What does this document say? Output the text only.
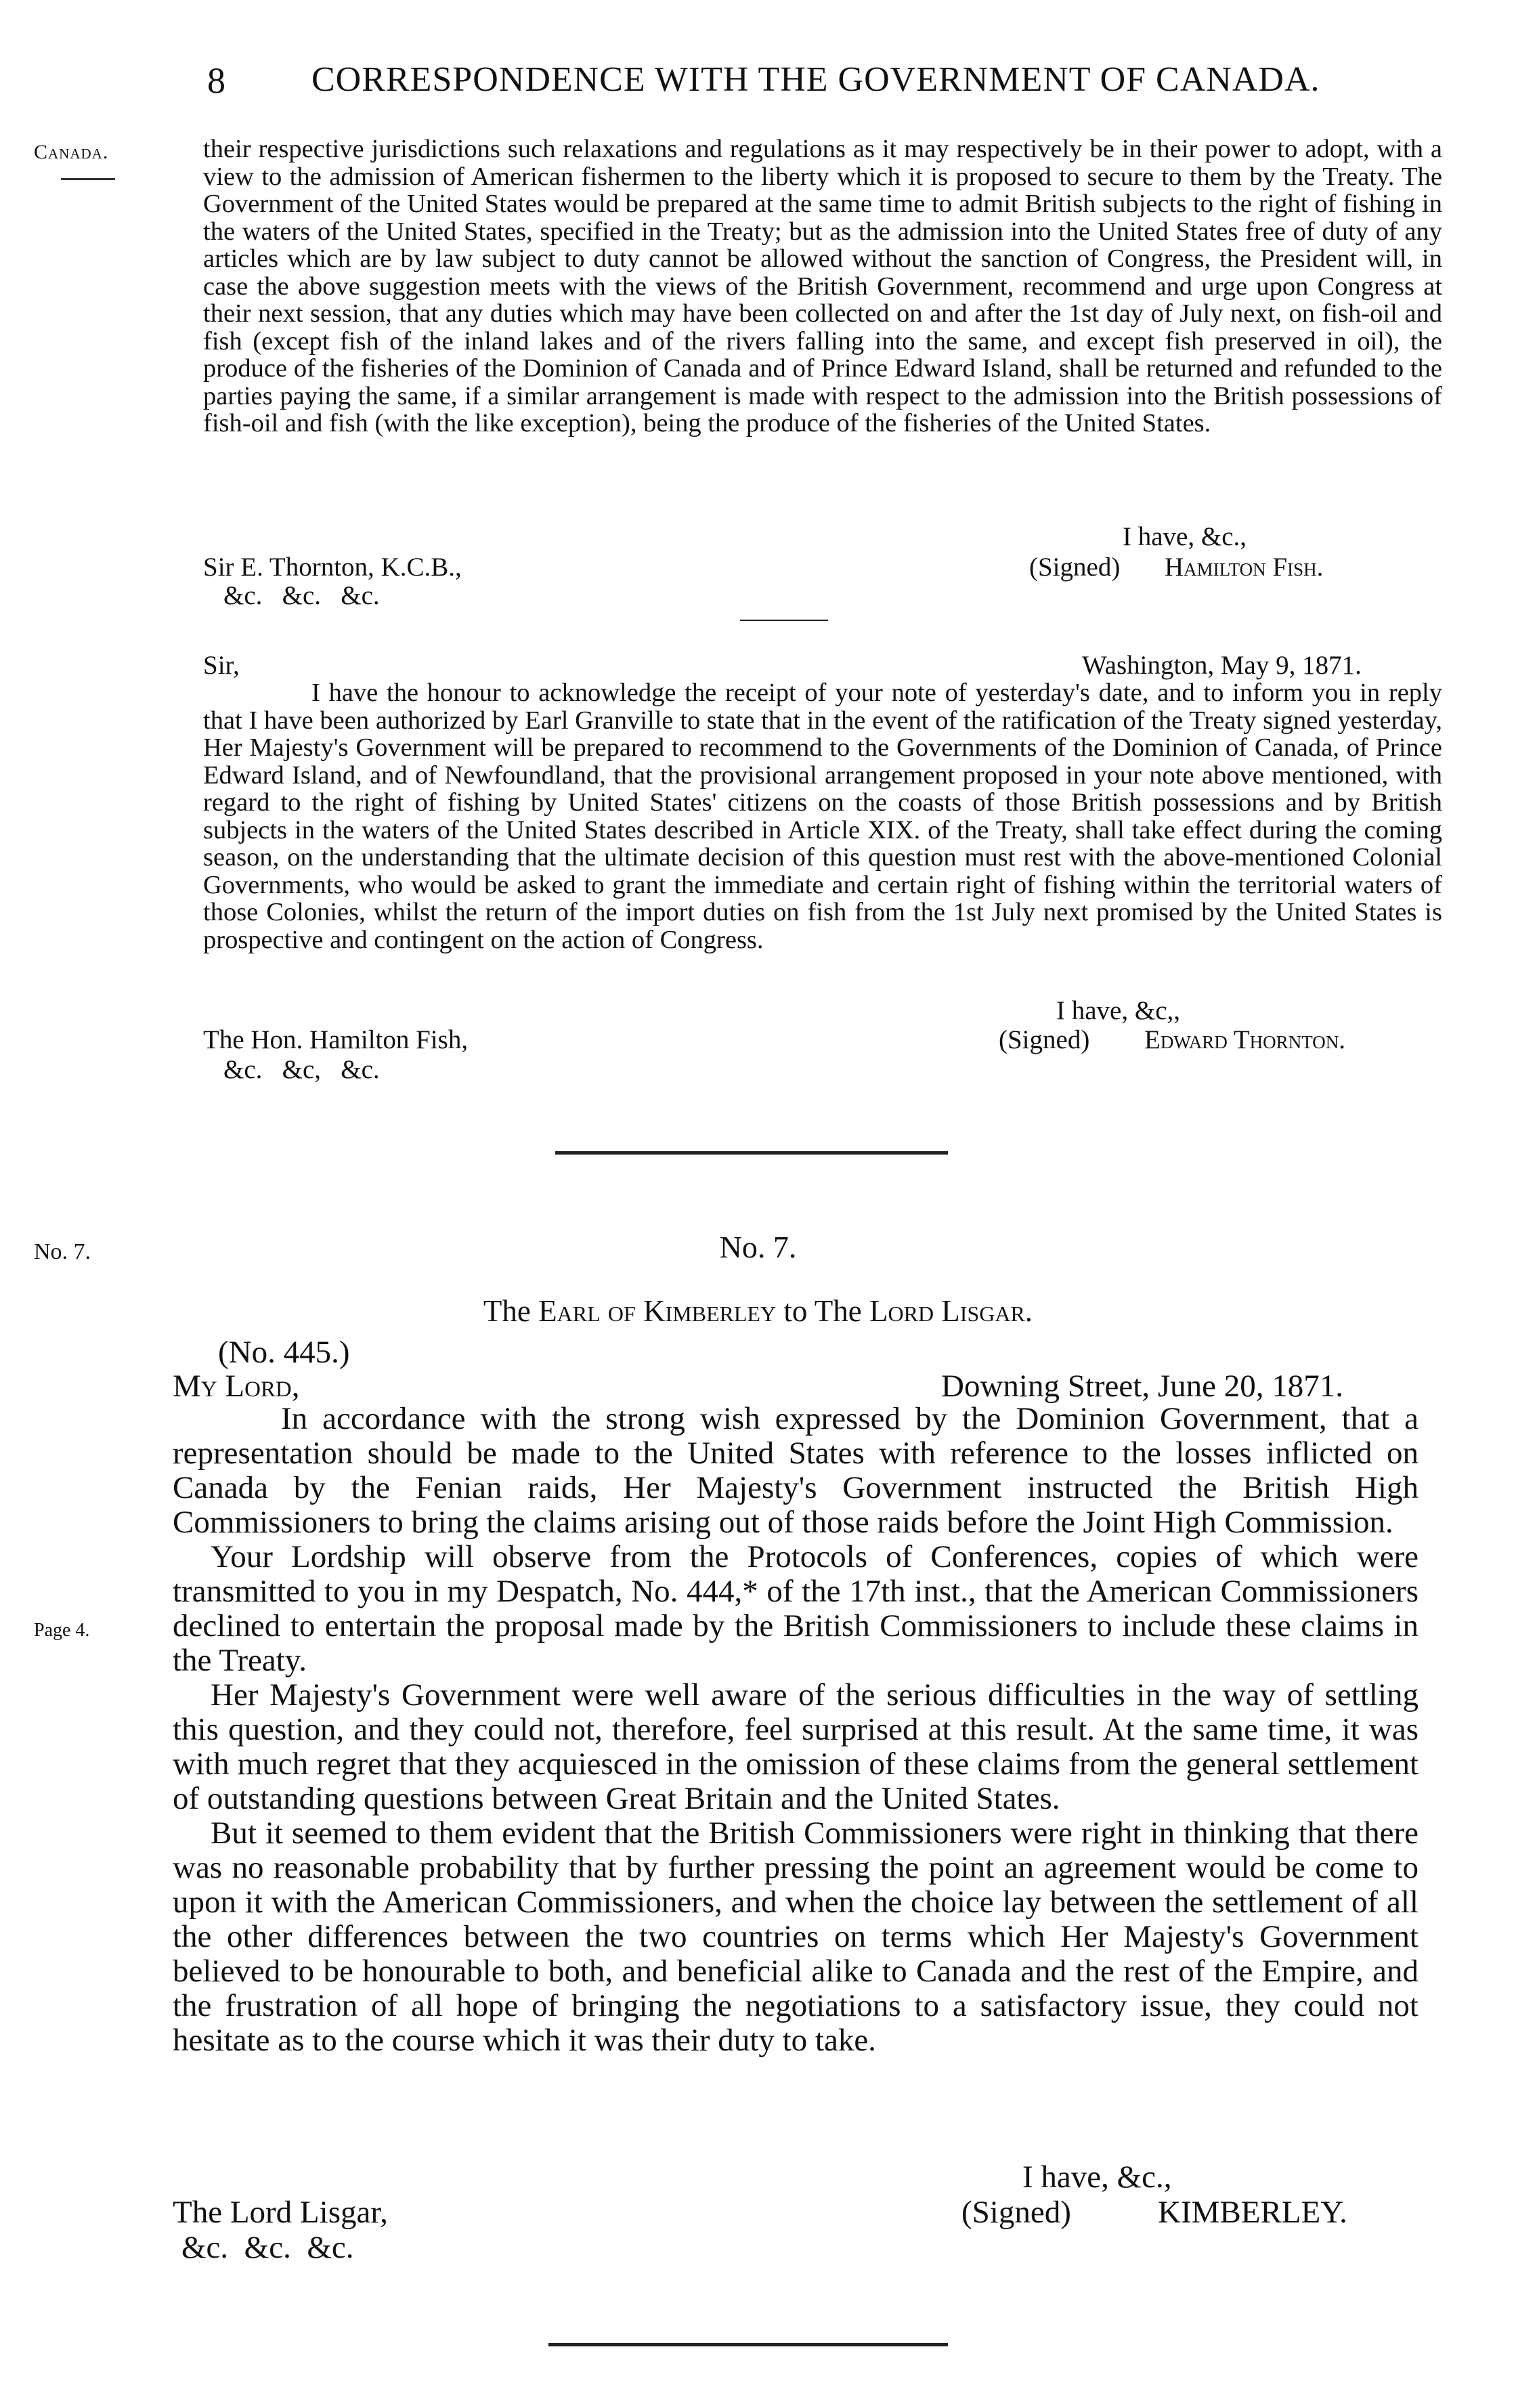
8 CORRESPONDENCE WITH THE GOVERNMENT OF CANADA.
Canada.
No. 7.
Page 4.

their respective jurisdictions such relaxations and regulations as it may respectively be in their power to adopt, with a view to the admission of American fishermen to the liberty which it is proposed to secure to them by the Treaty. The Government of the United States would be prepared at the same time to admit British subjects to the right of fishing in the waters of the United States, specified in the Treaty; but as the admission into the United States free of duty of any articles which are by law subject to duty cannot be allowed without the sanction of Congress, the President will, in case the above suggestion meets with the views of the British Government, recommend and urge upon Congress at their next session, that any duties which may have been collected on and after the 1st day of July next, on fish-oil and fish (except fish of the inland lakes and of the rivers falling into the same, and except fish preserved in oil), the produce of the fisheries of the Dominion of Canada and of Prince Edward Island, shall be returned and refunded to the parties paying the same, if a similar arrangement is made with respect to the admission into the British possessions of fish-oil and fish (with the like exception), being the produce of the fisheries of the United States.

I have, &c.,
(Signed) Hamilton Fish.
Sir E. Thornton, K.C.B.,
&c.   &c.   &c.
Sir,	Washington, May 9, 1871.

I have the honour to acknowledge the receipt of your note of yesterday's date, and to inform you in reply that I have been authorized by Earl Granville to state that in the event of the ratification of the Treaty signed yesterday, Her Majesty's Government will be prepared to recommend to the Governments of the Dominion of Canada, of Prince Edward Island, and of Newfoundland, that the provisional arrangement proposed in your note above mentioned, with regard to the right of fishing by United States' citizens on the coasts of those British possessions and by British subjects in the waters of the United States described in Article XIX. of the Treaty, shall take effect during the coming season, on the understanding that the ultimate decision of this question must rest with the above-mentioned Colonial Governments, who would be asked to grant the immediate and certain right of fishing within the territorial waters of those Colonies, whilst the return of the import duties on fish from the 1st July next promised by the United States is prospective and contingent on the action of Congress.

I have, &c,,
(Signed) Edward Thornton.
The Hon. Hamilton Fish,
&c.   &c,   &c.
No. 7.
The Earl of Kimberley to The Lord Lisgar.
(No. 445.)
My Lord,	Downing Street, June 20, 1871.

In accordance with the strong wish expressed by the Dominion Government, that a representation should be made to the United States with reference to the losses inflicted on Canada by the Fenian raids, Her Majesty's Government instructed the British High Commissioners to bring the claims arising out of those raids before the Joint High Commission.

Your Lordship will observe from the Protocols of Conferences, copies of which were transmitted to you in my Despatch, No. 444,* of the 17th inst., that the American Commissioners declined to entertain the proposal made by the British Commissioners to include these claims in the Treaty.

Her Majesty's Government were well aware of the serious difficulties in the way of settling this question, and they could not, therefore, feel surprised at this result. At the same time, it was with much regret that they acquiesced in the omission of these claims from the general settlement of outstanding questions between Great Britain and the United States.

But it seemed to them evident that the British Commissioners were right in thinking that there was no reasonable probability that by further pressing the point an agreement would be come to upon it with the American Commissioners, and when the choice lay between the settlement of all the other differences between the two countries on terms which Her Majesty's Government believed to be honourable to both, and beneficial alike to Canada and the rest of the Empire, and the frustration of all hope of bringing the negotiations to a satisfactory issue, they could not hesitate as to the course which it was their duty to take.

I have, &c.,
(Signed)	KIMBERLEY.
The Lord Lisgar,
&c.  &c.  &c.
